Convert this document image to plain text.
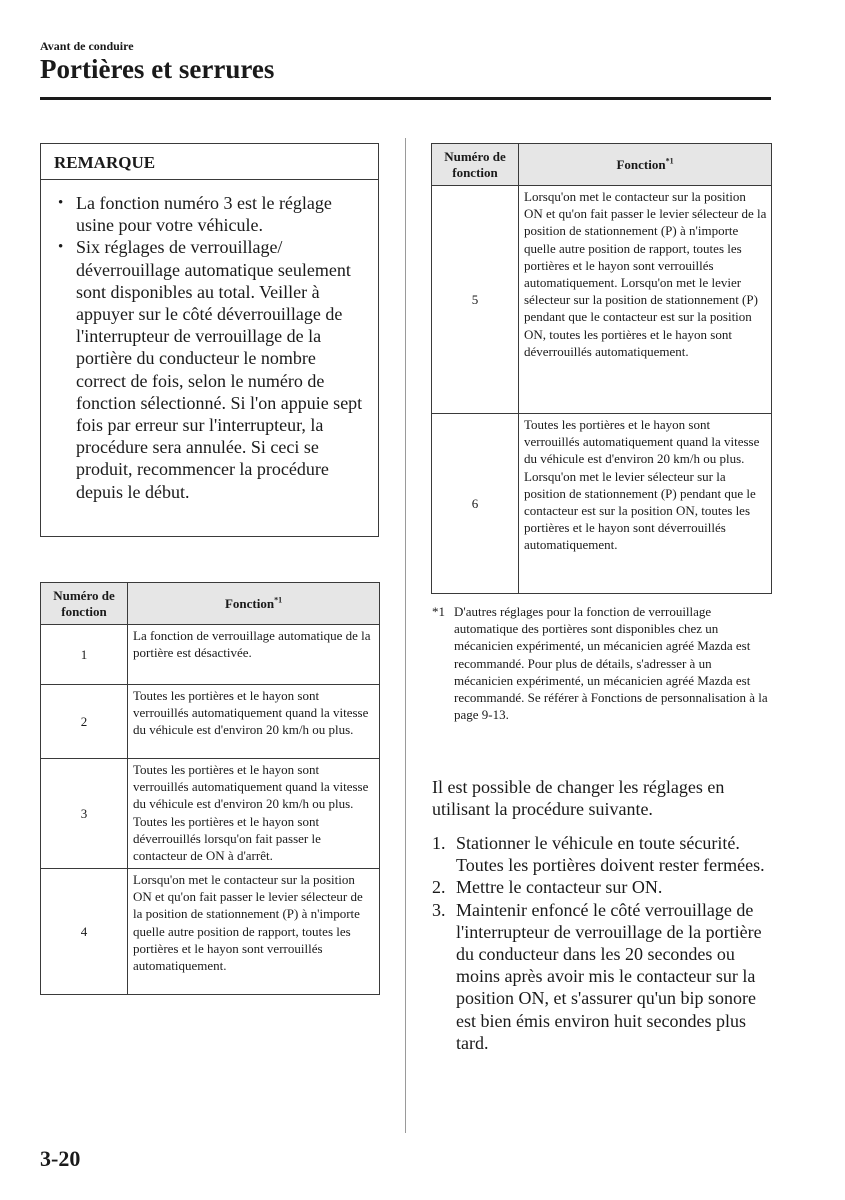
Avant de conduire
Portières et serrures
REMARQUE
• La fonction numéro 3 est le réglage usine pour votre véhicule.
• Six réglages de verrouillage/ déverrouillage automatique seulement sont disponibles au total. Veiller à appuyer sur le côté déverrouillage de l'interrupteur de verrouillage de la portière du conducteur le nombre correct de fois, selon le numéro de fonction sélectionné. Si l'on appuie sept fois par erreur sur l'interrupteur, la procédure sera annulée. Si ceci se produit, recommencer la procédure depuis le début.
Numéro de fonction	Fonction$^{*1}$
1	La fonction de verrouillage automatique de la portière est désactivée.
2	Toutes les portières et le hayon sont verrouillés automatiquement quand la vitesse du véhicule est d'environ 20 km/h ou plus.
3	Toutes les portières et le hayon sont verrouillés automatiquement quand la vitesse du véhicule est d'environ 20 km/h ou plus. Toutes les portières et le hayon sont déverrouillés lorsqu'on fait passer le contacteur de ON à d'arrêt.
4	Lorsqu'on met le contacteur sur la position ON et qu'on fait passer le levier sélecteur de la position de stationnement (P) à n'importe quelle autre position de rapport, toutes les portières et le hayon sont verrouillés automatiquement.
Numéro de fonction	Fonction$^{*1}$
5	Lorsqu'on met le contacteur sur la position ON et qu'on fait passer le levier sélecteur de la position de stationnement (P) à n'importe quelle autre position de rapport, toutes les portières et le hayon sont verrouillés automatiquement. Lorsqu'on met le levier sélecteur sur la position de stationnement (P) pendant que le contacteur est sur la position ON, toutes les portières et le hayon sont déverrouillés automatiquement.
6	Toutes les portières et le hayon sont verrouillés automatiquement quand la vitesse du véhicule est d'environ 20 km/h ou plus. Lorsqu'on met le levier sélecteur sur la position de stationnement (P) pendant que le contacteur est sur la position ON, toutes les portières et le hayon sont déverrouillés automatiquement.
*1 D'autres réglages pour la fonction de verrouillage automatique des portières sont disponibles chez un mécanicien expérimenté, un mécanicien agréé Mazda est recommandé. Pour plus de détails, s'adresser à un mécanicien expérimenté, un mécanicien agréé Mazda est recommandé. Se référer à Fonctions de personnalisation à la page 9-13.

Il est possible de changer les réglages en utilisant la procédure suivante.

1. Stationner le véhicule en toute sécurité. Toutes les portières doivent rester fermées.
2. Mettre le contacteur sur ON.
3. Maintenir enfoncé le côté verrouillage de l'interrupteur de verrouillage de la portière du conducteur dans les 20 secondes ou moins après avoir mis le contacteur sur la position ON, et s'assurer qu'un bip sonore est bien émis environ huit secondes plus tard.
3-20
